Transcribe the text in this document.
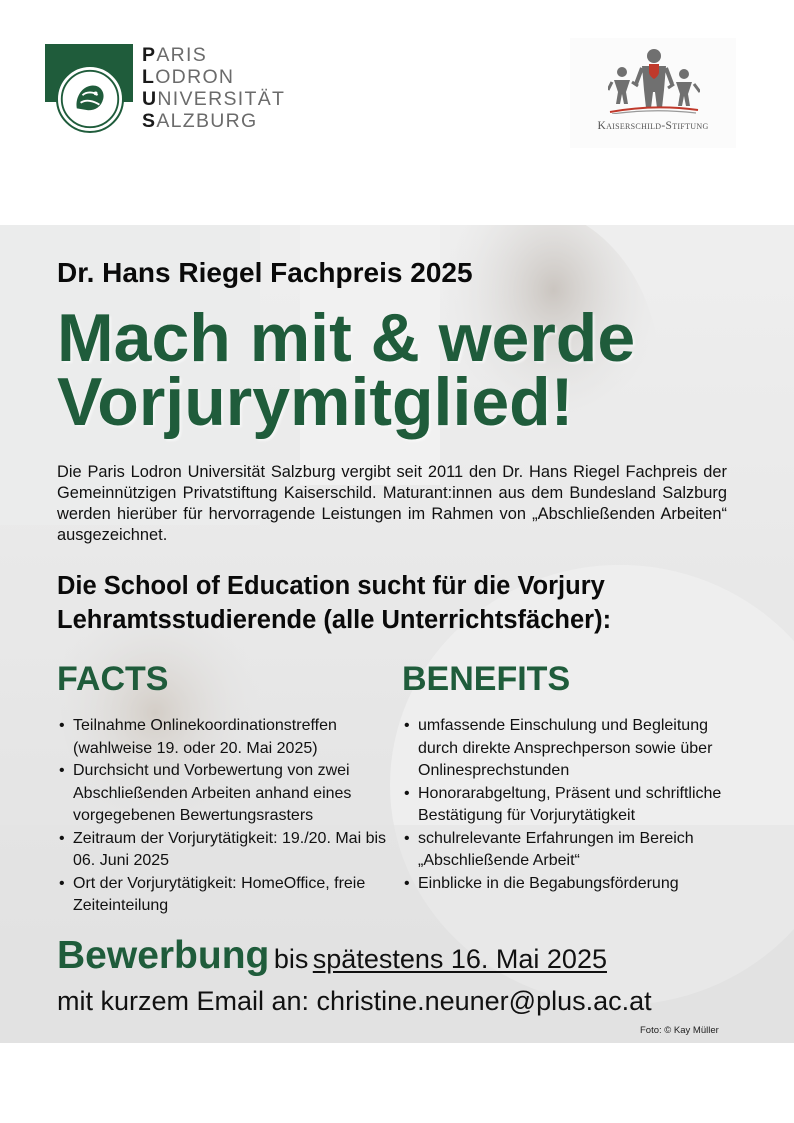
PARIS
LODRON
UNIVERSITÄT
SALZBURG	Kaiserschild-Stiftung
Dr. Hans Riegel Fachpreis 2025
Mach mit & werde
Vorjurymitglied!
Die Paris Lodron Universität Salzburg vergibt seit 2011 den Dr. Hans Riegel Fachpreis der Gemeinnützigen Privatstiftung Kaiserschild. Maturant:innen aus dem Bundesland Salzburg werden hierüber für hervorragende Leistungen im Rahmen von „Abschließenden Arbeiten“ ausgezeichnet.
Die School of Education sucht für die Vorjury
Lehramtsstudierende (alle Unterrichtsfächer):
FACTS	BENEFITS
• Teilnahme Onlinekoordinationstreffen (wahlweise 19. oder 20. Mai 2025)
• Durchsicht und Vorbewertung von zwei Abschließenden Arbeiten anhand eines vorgegebenen Bewertungsrasters
• Zeitraum der Vorjurytätigkeit: 19./20. Mai bis 06. Juni 2025
• Ort der Vorjurytätigkeit: HomeOffice, freie Zeiteinteilung
• umfassende Einschulung und Begleitung durch direkte Ansprechperson sowie über Onlinesprechstunden
• Honorarabgeltung, Präsent und schriftliche Bestätigung für Vorjurytätigkeit
• schulrelevante Erfahrungen im Bereich „Abschließende Arbeit“
• Einblicke in die Begabungsförderung
Bewerbung bis spätestens 16. Mai 2025
mit kurzem Email an: christine.neuner@plus.ac.at
Foto: © Kay Müller
